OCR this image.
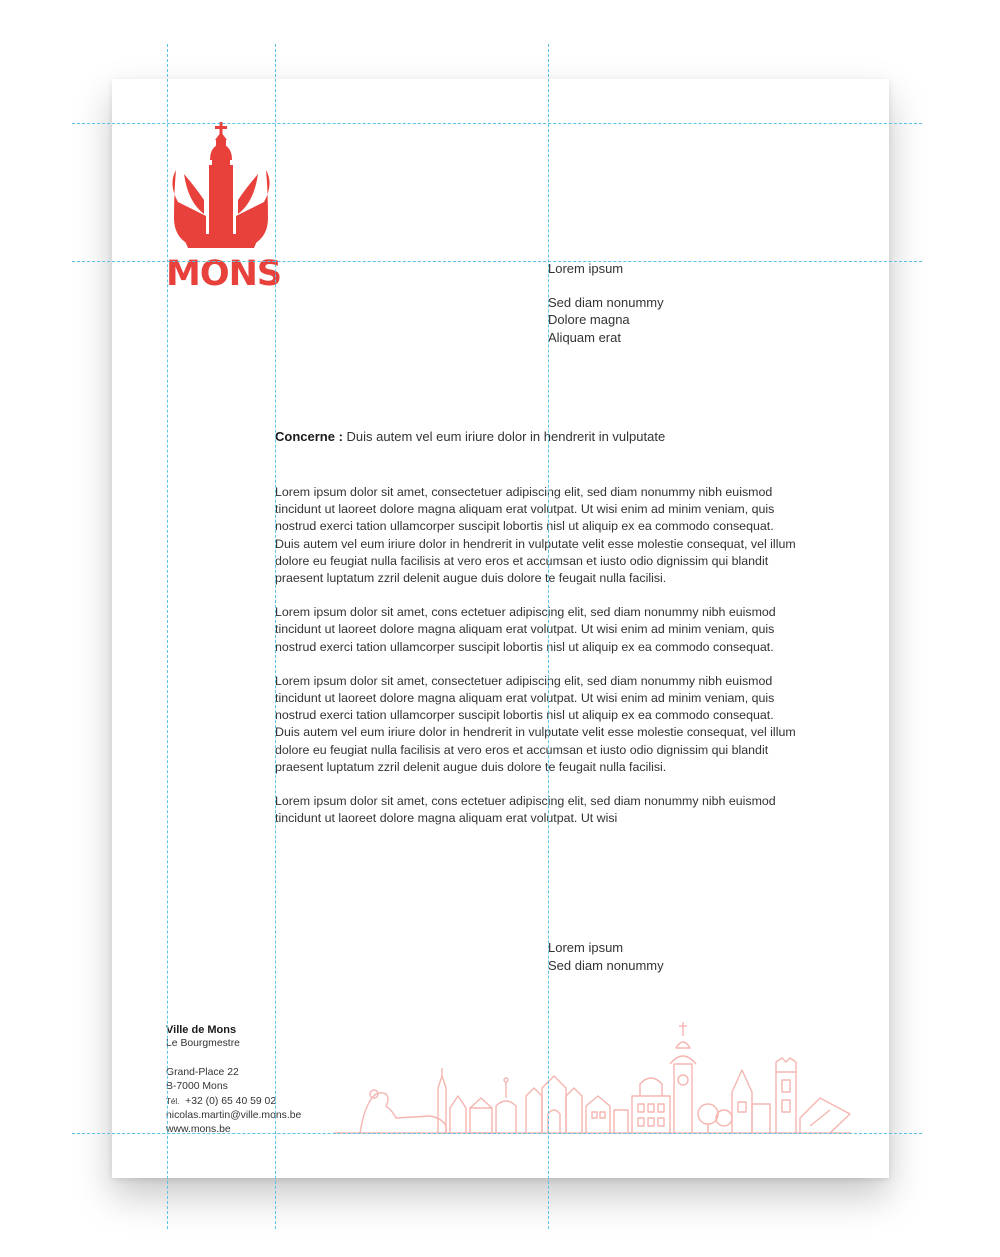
MONS	Lorem ipsum
Sed diam nonummy
Dolore magna
Aliquam erat
Concerne : Duis autem vel eum iriure dolor in hendrerit in vulputate

Lorem ipsum dolor sit amet, consectetuer adipiscing elit, sed diam nonummy nibh euismod tincidunt ut laoreet dolore magna aliquam erat volutpat. Ut wisi enim ad minim veniam, quis nostrud exerci tation ullamcorper suscipit lobortis nisl ut aliquip ex ea commodo consequat. Duis autem vel eum iriure dolor in hendrerit in vulputate velit esse molestie consequat, vel illum dolore eu feugiat nulla facilisis at vero eros et accumsan et iusto odio dignissim qui blandit praesent luptatum zzril delenit augue duis dolore te feugait nulla facilisi.

Lorem ipsum dolor sit amet, cons ectetuer adipiscing elit, sed diam nonummy nibh euismod tincidunt ut laoreet dolore magna aliquam erat volutpat. Ut wisi enim ad minim veniam, quis nostrud exerci tation ullamcorper suscipit lobortis nisl ut aliquip ex ea commodo consequat.

Lorem ipsum dolor sit amet, consectetuer adipiscing elit, sed diam nonummy nibh euismod tincidunt ut laoreet dolore magna aliquam erat volutpat. Ut wisi enim ad minim veniam, quis nostrud exerci tation ullamcorper suscipit lobortis nisl ut aliquip ex ea commodo consequat. Duis autem vel eum iriure dolor in hendrerit in vulputate velit esse molestie consequat, vel illum dolore eu feugiat nulla facilisis at vero eros et accumsan et iusto odio dignissim qui blandit praesent luptatum zzril delenit augue duis dolore te feugait nulla facilisi.

Lorem ipsum dolor sit amet, cons ectetuer adipiscing elit, sed diam nonummy nibh euismod tincidunt ut laoreet dolore magna aliquam erat volutpat. Ut wisi

Lorem ipsum
Sed diam nonummy
Ville de Mons
Le Bourgmestre
Grand-Place 22
B-7000 Mons
Tél. +32 (0) 65 40 59 02
nicolas.martin@ville.mons.be
www.mons.be
